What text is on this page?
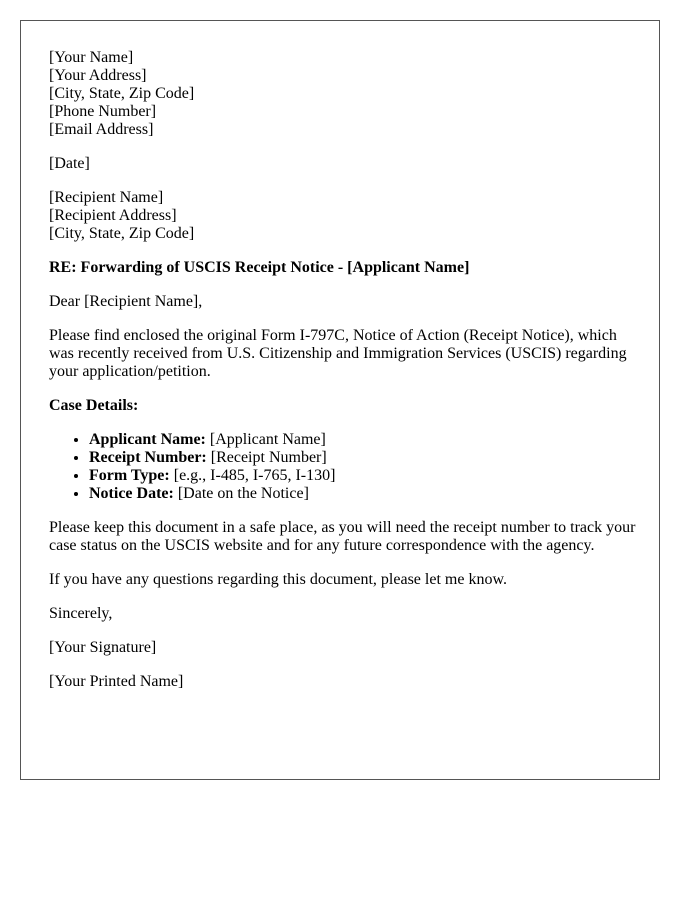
[Your Name]
[Your Address]
[City, State, Zip Code]
[Phone Number]
[Email Address]
[Date]
[Recipient Name]
[Recipient Address]
[City, State, Zip Code]

RE: Forwarding of USCIS Receipt Notice - [Applicant Name]

Dear [Recipient Name],

Please find enclosed the original Form I-797C, Notice of Action (Receipt Notice), which was recently received from U.S. Citizenship and Immigration Services (USCIS) regarding your application/petition.

Case Details:

• Applicant Name: [Applicant Name]
• Receipt Number: [Receipt Number]
• Form Type: [e.g., I-485, I-765, I-130]
• Notice Date: [Date on the Notice]

Please keep this document in a safe place, as you will need the receipt number to track your case status on the USCIS website and for any future correspondence with the agency.

If you have any questions regarding this document, please let me know.

Sincerely,

[Your Signature]

[Your Printed Name]
